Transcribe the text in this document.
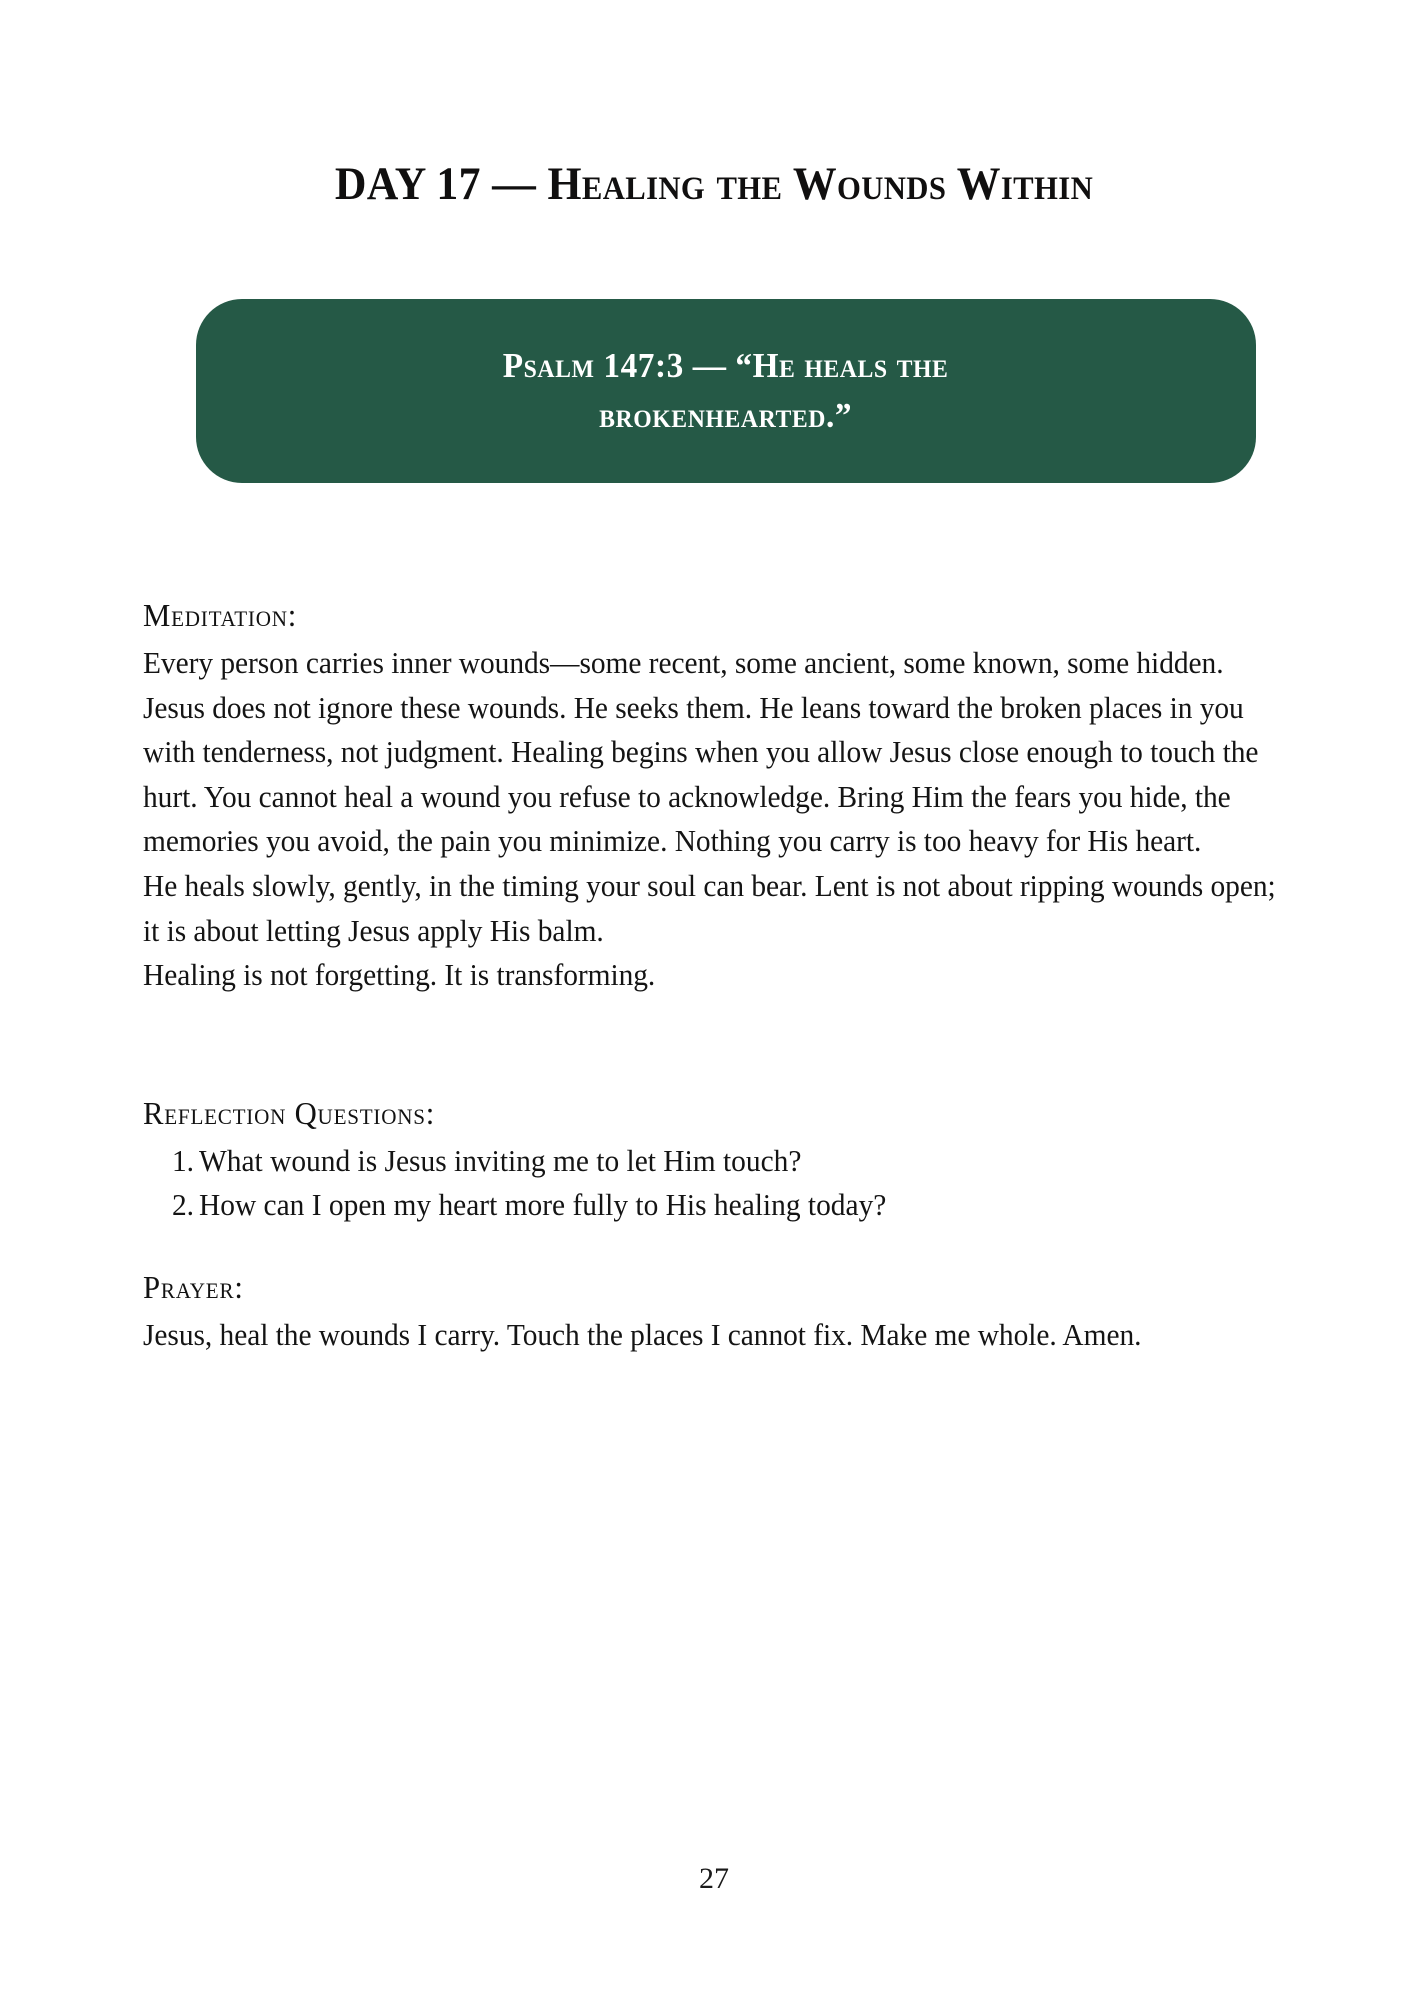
DAY 17 — Healing the Wounds Within
Psalm 147:3 — “He heals the
brokenhearted.”
Meditation:

Every person carries inner wounds—some recent, some ancient, some known, some hidden. Jesus does not ignore these wounds. He seeks them. He leans toward the broken places in you with tenderness, not judgment. Healing begins when you allow Jesus close enough to touch the hurt. You cannot heal a wound you refuse to acknowledge. Bring Him the fears you hide, the memories you avoid, the pain you minimize. Nothing you carry is too heavy for His heart.

He heals slowly, gently, in the timing your soul can bear. Lent is not about ripping wounds open; it is about letting Jesus apply His balm.

Healing is not forgetting. It is transforming.

Reflection Questions:
What wound is Jesus inviting me to let Him touch?
How can I open my heart more fully to His healing today?
Prayer:

Jesus, heal the wounds I carry. Touch the places I cannot fix. Make me whole. Amen.

27
